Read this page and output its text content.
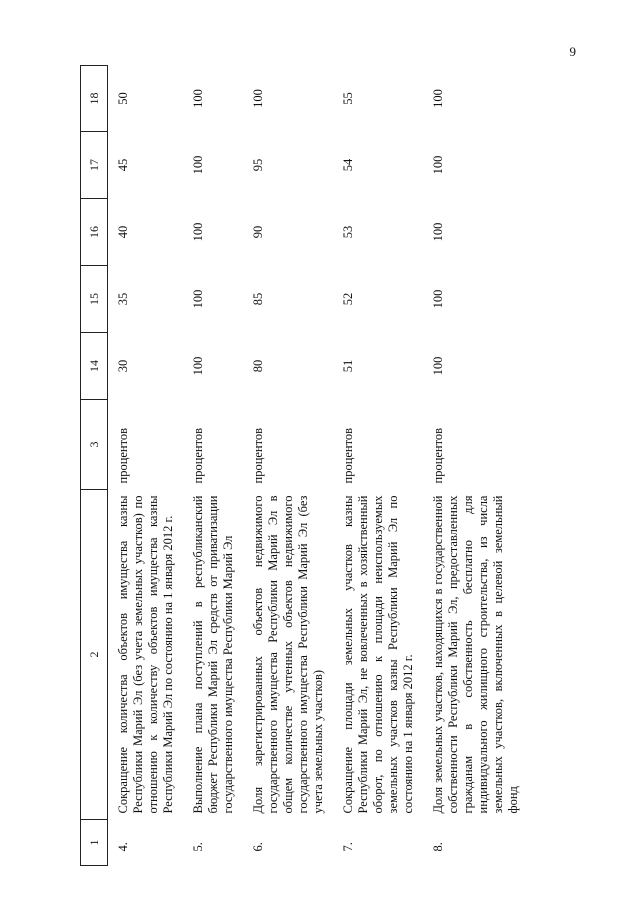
9
1	2	3	14	15	16	17	18
4.	Сокращение количества объектов имущества казны Республики Марий Эл (без учета земельных участков) по отношению к количеству объектов имущества казны Республики Марий Эл по состоянию на 1 января 2012 г.	процентов	30	35	40	45	50
5.	Выполнение плана поступлений в республиканский бюджет Республики Марий Эл средств от приватизации государственного имущества Республики Марий Эл	процентов	100	100	100	100	100
6.	Доля зарегистрированных объектов недвижимого государственного имущества Республики Марий Эл в общем количестве учтенных объектов недвижимого государственного имущества Республики Марий Эл (без учета земельных участков)	процентов	80	85	90	95	100
7.	Сокращение площади земельных участков казны Республики Марий Эл, не вовлеченных в хозяйственный оборот, по отношению к площади неиспользуемых земельных участков казны Республики Марий Эл по состоянию на 1 января 2012 г.	процентов	51	52	53	54	55
8.	Доля земельных участков, находящихся в государственной собственности Республики Марий Эл, предоставленных гражданам в собственность бесплатно для индивидуального жилищного строительства, из числа земельных участков, включенных в целевой земельный фонд	процентов	100	100	100	100	100
